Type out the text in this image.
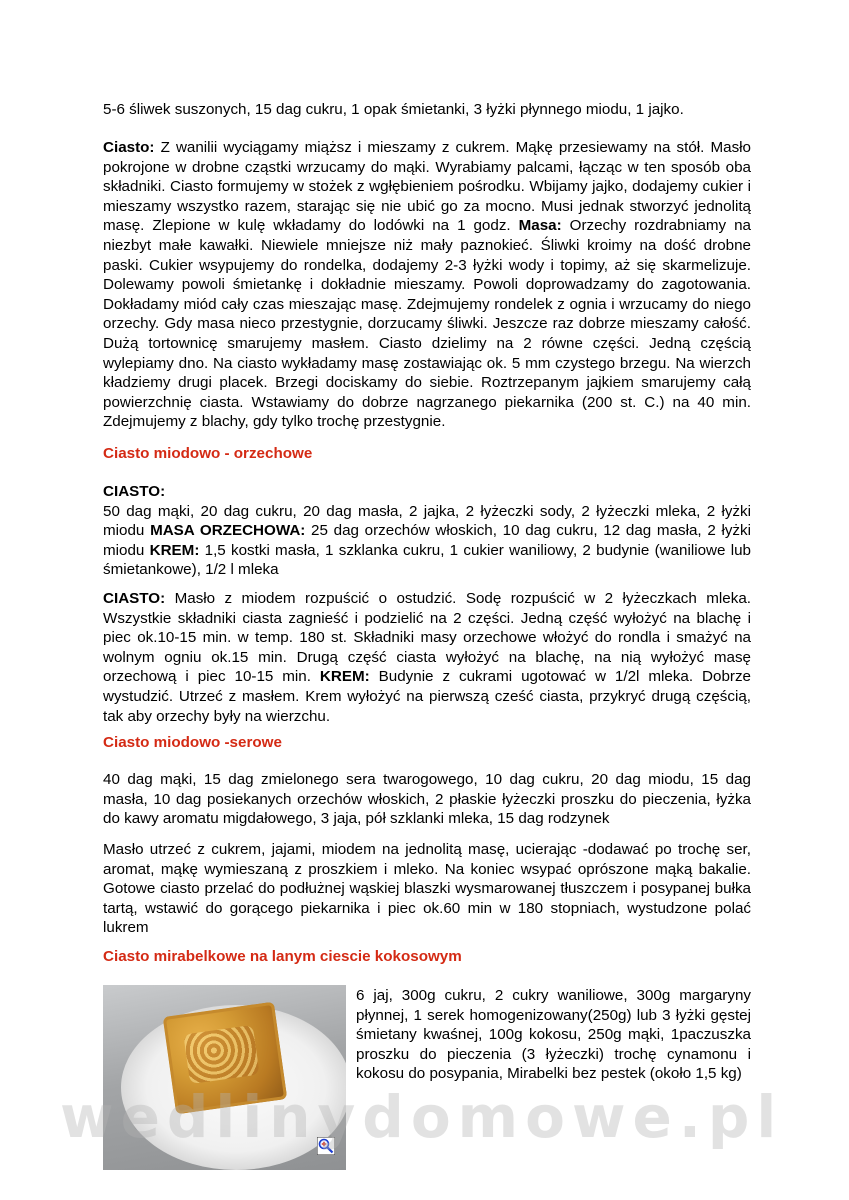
5-6 śliwek suszonych, 15 dag cukru, 1 opak śmietanki, 3 łyżki płynnego miodu, 1 jajko.

Ciasto: Z wanilii wyciągamy miąższ i mieszamy z cukrem. Mąkę przesiewamy na stół. Masło pokrojone w drobne cząstki wrzucamy do mąki. Wyrabiamy palcami, łącząc w ten sposób oba składniki. Ciasto formujemy w stożek z wgłębieniem pośrodku. Wbijamy jajko, dodajemy cukier i mieszamy wszystko razem, starając się nie ubić go za mocno. Musi jednak stworzyć jednolitą masę. Zlepione w kulę wkładamy do lodówki na 1 godz. Masa: Orzechy rozdrabniamy na niezbyt małe kawałki. Niewiele mniejsze niż mały paznokieć. Śliwki kroimy na dość drobne paski. Cukier wsypujemy do rondelka, dodajemy 2-3 łyżki wody i topimy, aż się skarmelizuje. Dolewamy powoli śmietankę i dokładnie mieszamy. Powoli doprowadzamy do zagotowania. Dokładamy miód cały czas mieszając masę. Zdejmujemy rondelek z ognia i wrzucamy do niego orzechy. Gdy masa nieco przestygnie, dorzucamy śliwki. Jeszcze raz dobrze mieszamy całość. Dużą tortownicę smarujemy masłem. Ciasto dzielimy na 2 równe części. Jedną częścią wylepiamy dno. Na ciasto wykładamy masę zostawiając ok. 5 mm czystego brzegu. Na wierzch kładziemy drugi placek. Brzegi dociskamy do siebie. Roztrzepanym jajkiem smarujemy całą powierzchnię ciasta. Wstawiamy do dobrze nagrzanego piekarnika (200 st. C.) na 40 min. Zdejmujemy z blachy, gdy tylko trochę przestygnie.

Ciasto miodowo - orzechowe

CIASTO:
50 dag mąki, 20 dag cukru, 20 dag masła, 2 jajka, 2 łyżeczki sody, 2 łyżeczki mleka, 2 łyżki miodu MASA ORZECHOWA: 25 dag orzechów włoskich, 10 dag cukru, 12 dag masła, 2 łyżki miodu KREM: 1,5 kostki masła, 1 szklanka cukru, 1 cukier waniliowy, 2 budynie (waniliowe lub śmietankowe), 1/2 l mleka

CIASTO: Masło z miodem rozpuścić o ostudzić. Sodę rozpuścić w 2 łyżeczkach mleka. Wszystkie składniki ciasta zagnieść i podzielić na 2 części. Jedną część wyłożyć na blachę i piec ok.10-15 min. w temp. 180 st. Składniki masy orzechowe włożyć do rondla i smażyć na wolnym ogniu ok.15 min. Drugą część ciasta wyłożyć na blachę, na nią wyłożyć masę orzechową i piec 10-15 min. KREM: Budynie z cukrami ugotować w 1/2l mleka. Dobrze wystudzić. Utrzeć z masłem. Krem wyłożyć na pierwszą cześć ciasta, przykryć drugą częścią, tak aby orzechy były na wierzchu.

Ciasto miodowo -serowe

40 dag mąki, 15 dag zmielonego sera twarogowego, 10 dag cukru, 20 dag miodu, 15 dag masła, 10 dag posiekanych orzechów włoskich, 2 płaskie łyżeczki proszku do pieczenia, łyżka do kawy aromatu migdałowego, 3 jaja, pół szklanki mleka, 15 dag rodzynek

Masło utrzeć z cukrem, jajami, miodem na jednolitą masę, ucierając -dodawać po trochę ser, aromat, mąkę wymieszaną z proszkiem i mleko. Na koniec wsypać oprószone mąką bakalie. Gotowe ciasto przelać do podłużnej wąskiej blaszki wysmarowanej tłuszczem i posypanej bułka tartą, wstawić do gorącego piekarnika i piec ok.60 min w 180 stopniach, wystudzone polać lukrem

Ciasto mirabelkowe na lanym ciescie kokosowym

6 jaj, 300g cukru, 2 cukry waniliowe, 300g margaryny płynnej, 1 serek homogenizowany(250g) lub 3 łyżki gęstej śmietany kwaśnej, 100g kokosu, 250g mąki, 1paczuszka proszku do pieczenia (3 łyżeczki) trochę cynamonu i kokosu do posypania, Mirabelki bez pestek (około 1,5 kg)

wedlinydomowe.pl
